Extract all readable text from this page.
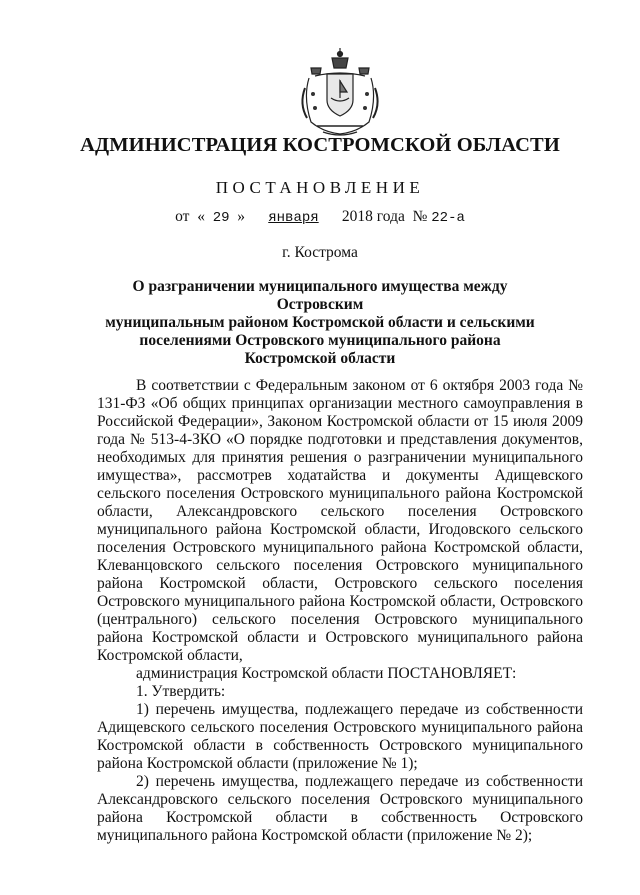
АДМИНИСТРАЦИЯ КОСТРОМСКОЙ ОБЛАСТИ
ПОСТАНОВЛЕНИЕ
от « 29 » января 2018 года № 22-а
г. Кострома
О разграничении муниципального имущества между Островским
муниципальным районом Костромской области и сельскими
поселениями Островского муниципального района
Костромской области

В соответствии с Федеральным законом от 6 октября 2003 года № 131-ФЗ «Об общих принципах организации местного самоуправления в Российской Федерации», Законом Костромской области от 15 июля 2009 года № 513-4-ЗКО «О порядке подготовки и представления документов, необходимых для принятия решения о разграничении муниципального имущества», рассмотрев ходатайства и документы Адищевского сельского поселения Островского муниципального района Костромской области, Александровского сельского поселения Островского муниципального района Костромской области, Игодовского сельского поселения Островского муниципального района Костромской области, Клеванцовского сельского поселения Островского муниципального района Костромской области, Островского сельского поселения Островского муниципального района Костромской области, Островского (центрального) сельского поселения Островского муниципального района Костромской области и Островского муниципального района Костромской области,

администрация Костромской области ПОСТАНОВЛЯЕТ:

1. Утвердить:

1) перечень имущества, подлежащего передаче из собственности Адищевского сельского поселения Островского муниципального района Костромской области в собственность Островского муниципального района Костромской области (приложение № 1);

2) перечень имущества, подлежащего передаче из собственности Александровского сельского поселения Островского муниципального района Костромской области в собственность Островского муниципального района Костромской области (приложение № 2);
